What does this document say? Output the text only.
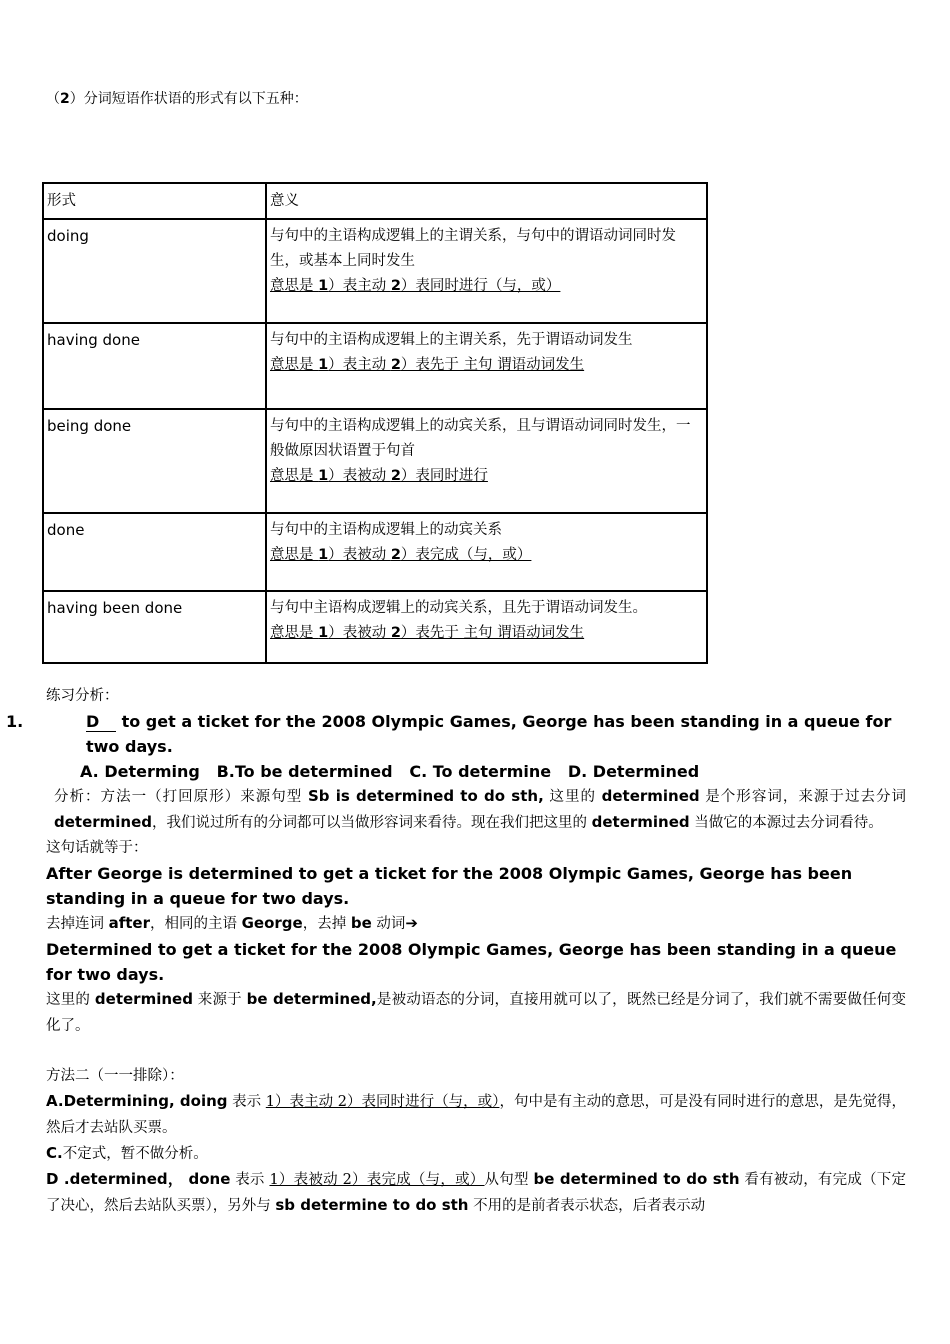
（2）分词短语作状语的形式有以下五种：
形式	意义
doing	与句中的主语构成逻辑上的主谓关系，与句中的谓语动词同时发生，或基本上同时发生
意思是 1）表主动 2）表同时进行（与，或）

having done	与句中的主语构成逻辑上的主谓关系，先于谓语动词发生
意思是 1）表主动 2）表先于 主句 谓语动词发生

being done	与句中的主语构成逻辑上的动宾关系，且与谓语动词同时发生，一般做原因状语置于句首
意思是 1）表被动 2）表同时进行

done	与句中的主语构成逻辑上的动宾关系
意思是 1）表被动 2）表完成（与，或）

having been done	与句中主语构成逻辑上的动宾关系，且先于谓语动词发生。
意思是 1）表被动 2）表先于 主句 谓语动词发生

练习分析：

1.	D to get a ticket for the 2008 Olympic Games, George has been standing in a queue for two days.

A. Determing   B.To be determined   C. To determine   D. Determined

分析：方法一（打回原形）来源句型 Sb is determined to do sth, 这里的 determined 是个形容词，来源于过去分词 determined，我们说过所有的分词都可以当做形容词来看待。现在我们把这里的 determined 当做它的本源过去分词看待。

这句话就等于：

After George is determined to get a ticket for the 2008 Olympic Games, George has been standing in a queue for two days.

去掉连词 after，相同的主语 George，去掉 be 动词➔

Determined to get a ticket for the 2008 Olympic Games, George has been standing in a queue for two days.

这里的 determined 来源于 be determined,是被动语态的分词，直接用就可以了，既然已经是分词了，我们就不需要做任何变化了。

方法二（一一排除）：

A.Determining, doing 表示 1）表主动 2）表同时进行（与，或），句中是有主动的意思，可是没有同时进行的意思，是先觉得，然后才去站队买票。

C.不定式，暂不做分析。

D .determined， done 表示 1）表被动 2）表完成（与，或）从句型 be determined to do sth 看有被动，有完成（下定了决心，然后去站队买票），另外与 sb determine to do sth 不用的是前者表示状态，后者表示动
